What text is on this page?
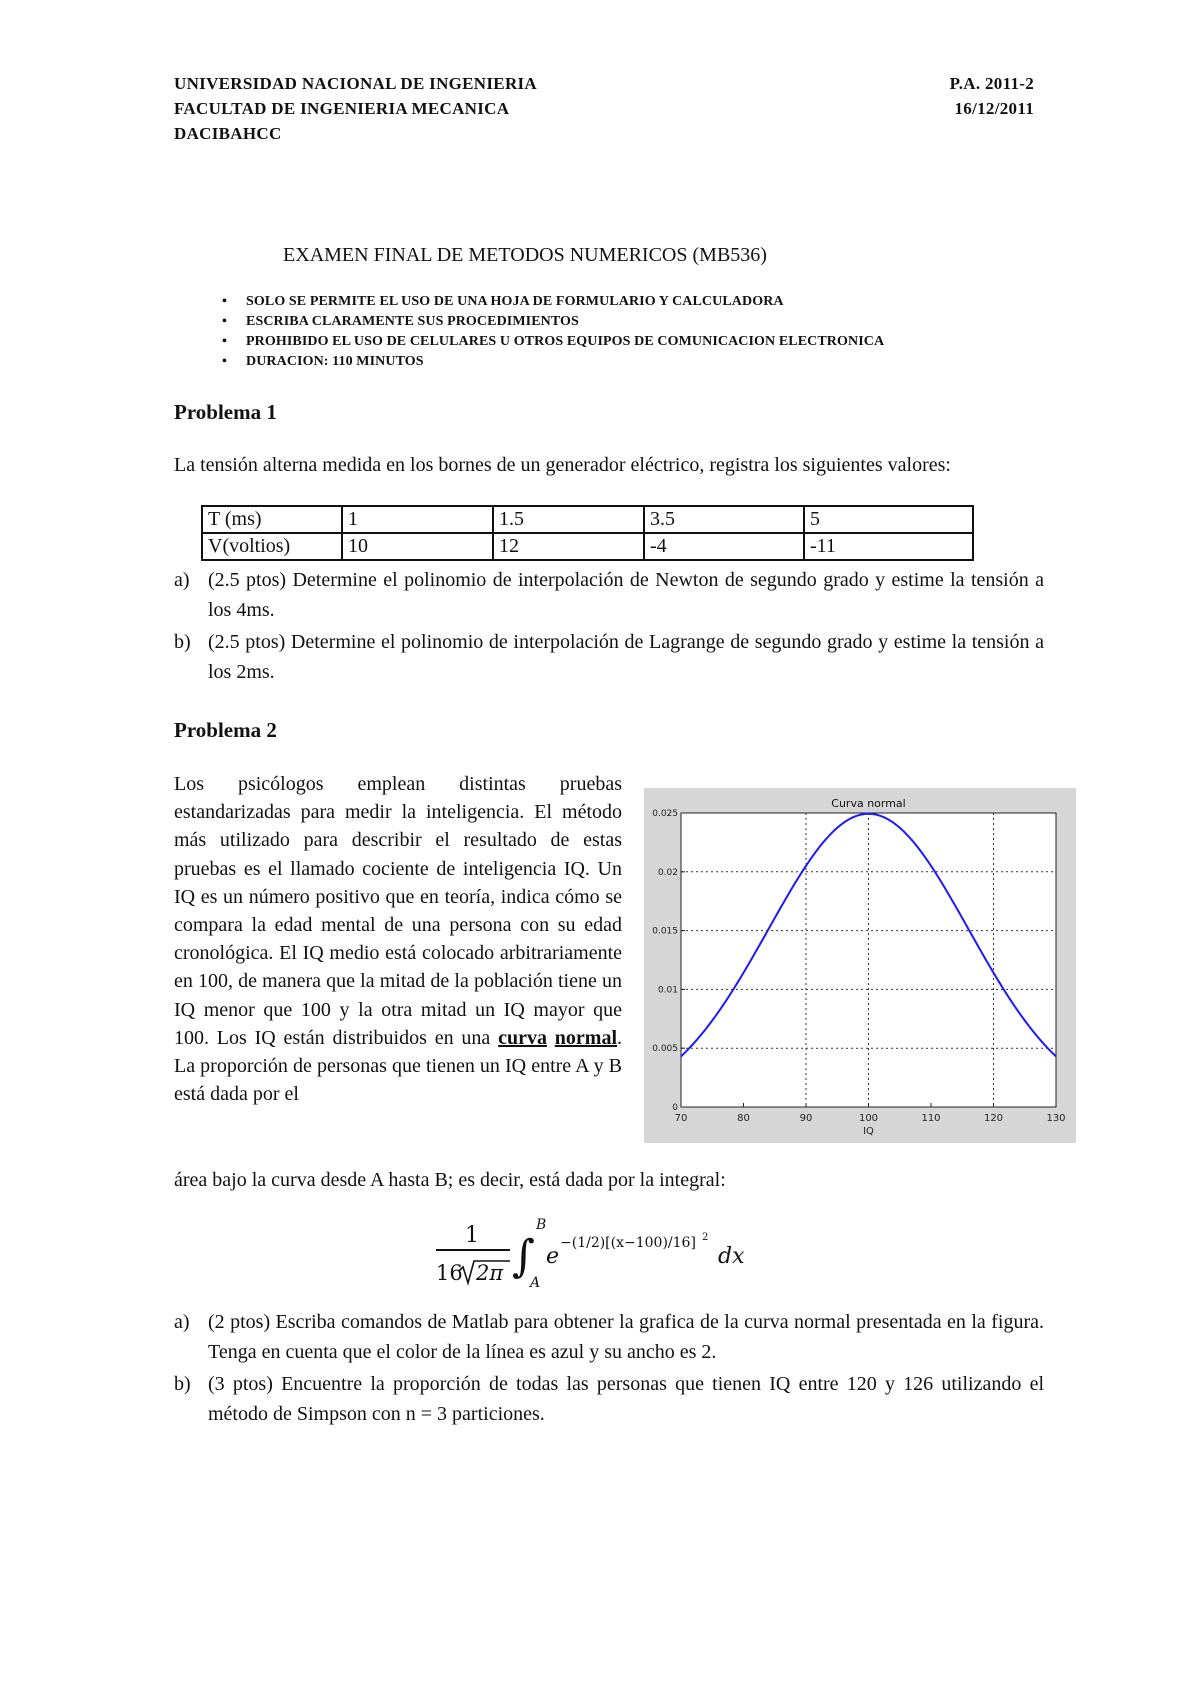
UNIVERSIDAD NACIONAL DE INGENIERIA
FACULTAD DE INGENIERIA MECANICA
DACIBAHCC
P.A. 2011-2
16/12/2011
EXAMEN FINAL DE METODOS NUMERICOS (MB536)
• SOLO SE PERMITE EL USO DE UNA HOJA DE FORMULARIO Y CALCULADORA
• ESCRIBA CLARAMENTE SUS PROCEDIMIENTOS
• PROHIBIDO EL USO DE CELULARES U OTROS EQUIPOS DE COMUNICACION ELECTRONICA
• DURACION: 110 MINUTOS
Problema 1
La tensión alterna medida en los bornes de un generador eléctrico, registra los siguientes valores:
T (ms)	1	1.5	3.5	5
V(voltios)	10	12	-4	-11
a) (2.5 ptos) Determine el polinomio de interpolación de Newton de segundo grado y estime la tensión a los 4ms.
b) (2.5 ptos) Determine el polinomio de interpolación de Lagrange de segundo grado y estime la tensión a los 2ms.
Problema 2
Los psicólogos emplean distintas pruebas estandarizadas para medir la inteligencia. El método más utilizado para describir el resultado de estas pruebas es el llamado cociente de inteligencia IQ. Un IQ es un número positivo que en teoría, indica cómo se compara la edad mental de una persona con su edad cronológica. El IQ medio está colocado arbitrariamente en 100, de manera que la mitad de la población tiene un IQ menor que 100 y la otra mitad un IQ mayor que 100. Los IQ están distribuidos en una curva normal. La proporción de personas que tienen un IQ entre A y B está dada por el
70	80	90	100	110	120	130
0
0.005
0.01
0.015
0.02
0.025
Curva normal
IQ
área bajo la curva desde A hasta B; es decir, está dada por la integral:
1
16 2π ∫
B
A
e
−(1/2)[(x−100)/16] 2
dx
a) (2 ptos) Escriba comandos de Matlab para obtener la grafica de la curva normal presentada en la figura. Tenga en cuenta que el color de la línea es azul y su ancho es 2.
b) (3 ptos) Encuentre la proporción de todas las personas que tienen IQ entre 120 y 126 utilizando el método de Simpson con n = 3 particiones.
